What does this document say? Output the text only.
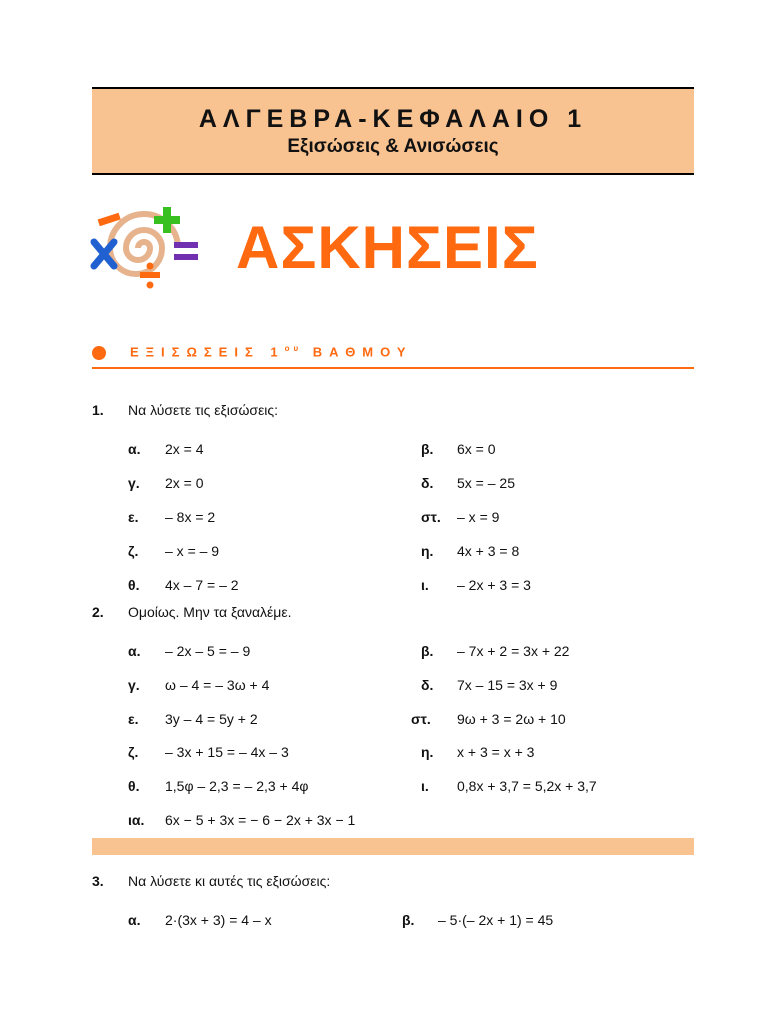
ΑΛΓΕΒΡΑ-ΚΕΦΑΛΑΙΟ 1
Εξισώσεις & Ανισώσεις
ΑΣΚΗΣΕΙΣ
ΕΞΙΣΩΣΕΙΣ $1^{o\upsilon}$ ΒΑΘΜΟΥ
1. Να λύσετε τις εξισώσεις:
α. 2x = 4
γ. 2x = 0
ε. – 8x = 2
ζ. – x = – 9
θ. 4x – 7 = – 2
β. 6x = 0
δ. 5x = – 25
στ. – x = 9
η. 4x + 3 = 8
ι. – 2x + 3 = 3
2. Ομοίως. Μην τα ξαναλέμε.
α. – 2x – 5 = – 9
γ. ω – 4 = – 3ω + 4
ε. 3y – 4 = 5y + 2
ζ. – 3x + 15 = – 4x – 3
θ. 1,5φ – 2,3 = – 2,3 + 4φ
ια. 6x − 5 + 3x = − 6 − 2x + 3x − 1
β. – 7x + 2 = 3x + 22
δ. 7x – 15 = 3x + 9
στ. 9ω + 3 = 2ω + 10
η. x + 3 = x + 3
ι. 0,8x + 3,7 = 5,2x + 3,7
3. Να λύσετε κι αυτές τις εξισώσεις:
α. 2·(3x + 3) = 4 – x	β. – 5·(– 2x + 1) = 45
